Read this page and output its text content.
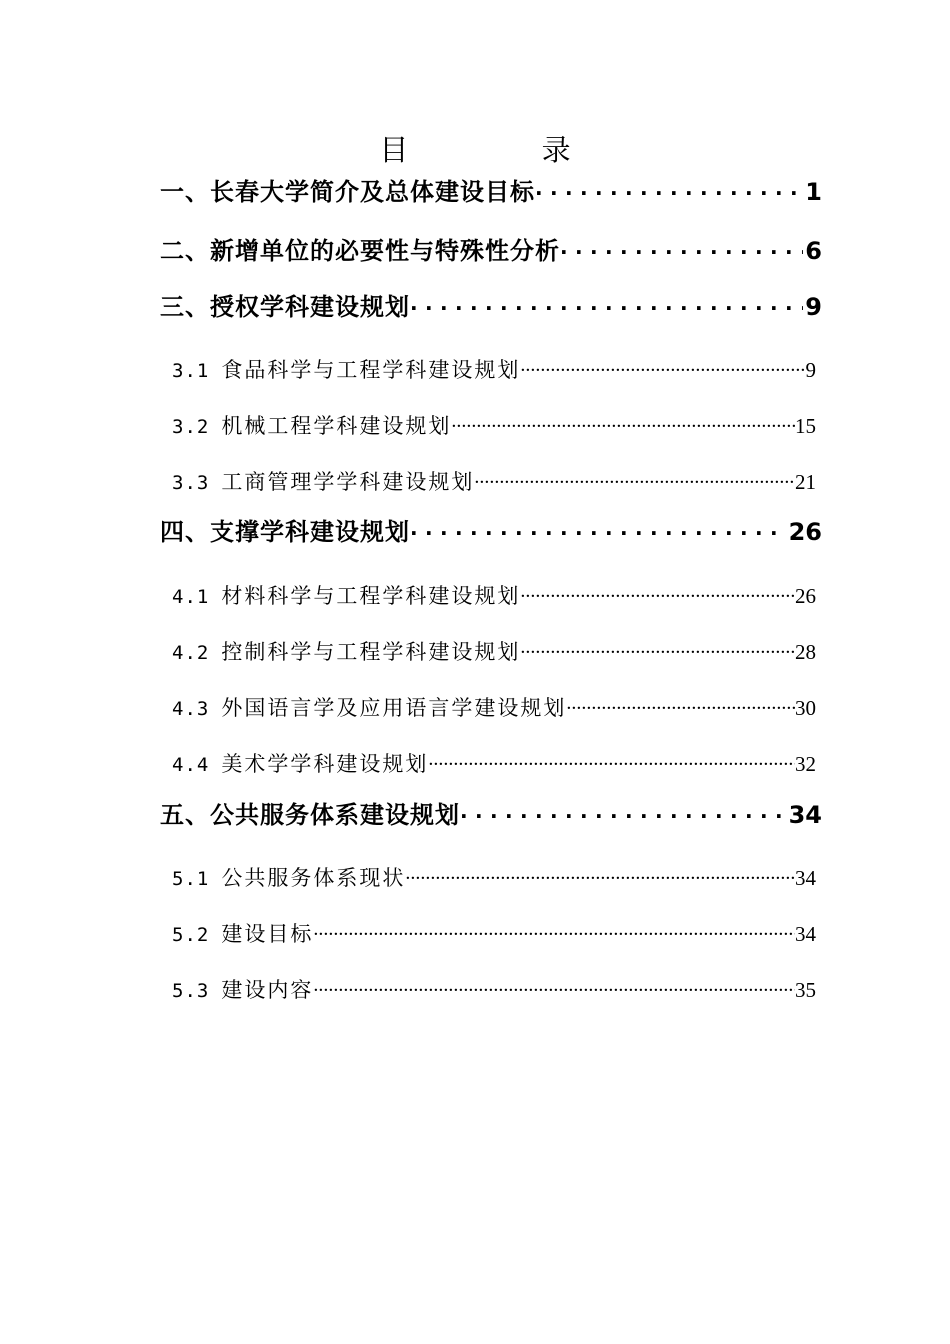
目 录
一、长春大学简介及总体建设目标 .....	1
二、新增单位的必要性与特殊性分析 .....	6
三、授权学科建设规划 .....	9
3.1 食品科学与工程学科建设规划 .....	9
3.2 机械工程学科建设规划 .....	15
3.3 工商管理学学科建设规划 .....	21
四、支撑学科建设规划 .....	26
4.1 材料科学与工程学科建设规划 .....	26
4.2 控制科学与工程学科建设规划 .....	28
4.3 外国语言学及应用语言学建设规划 .....	30
4.4 美术学学科建设规划 .....	32
五、公共服务体系建设规划 .....	34
5.1 公共服务体系现状 .....	34
5.2 建设目标 .....	34
5.3 建设内容 .....	35
